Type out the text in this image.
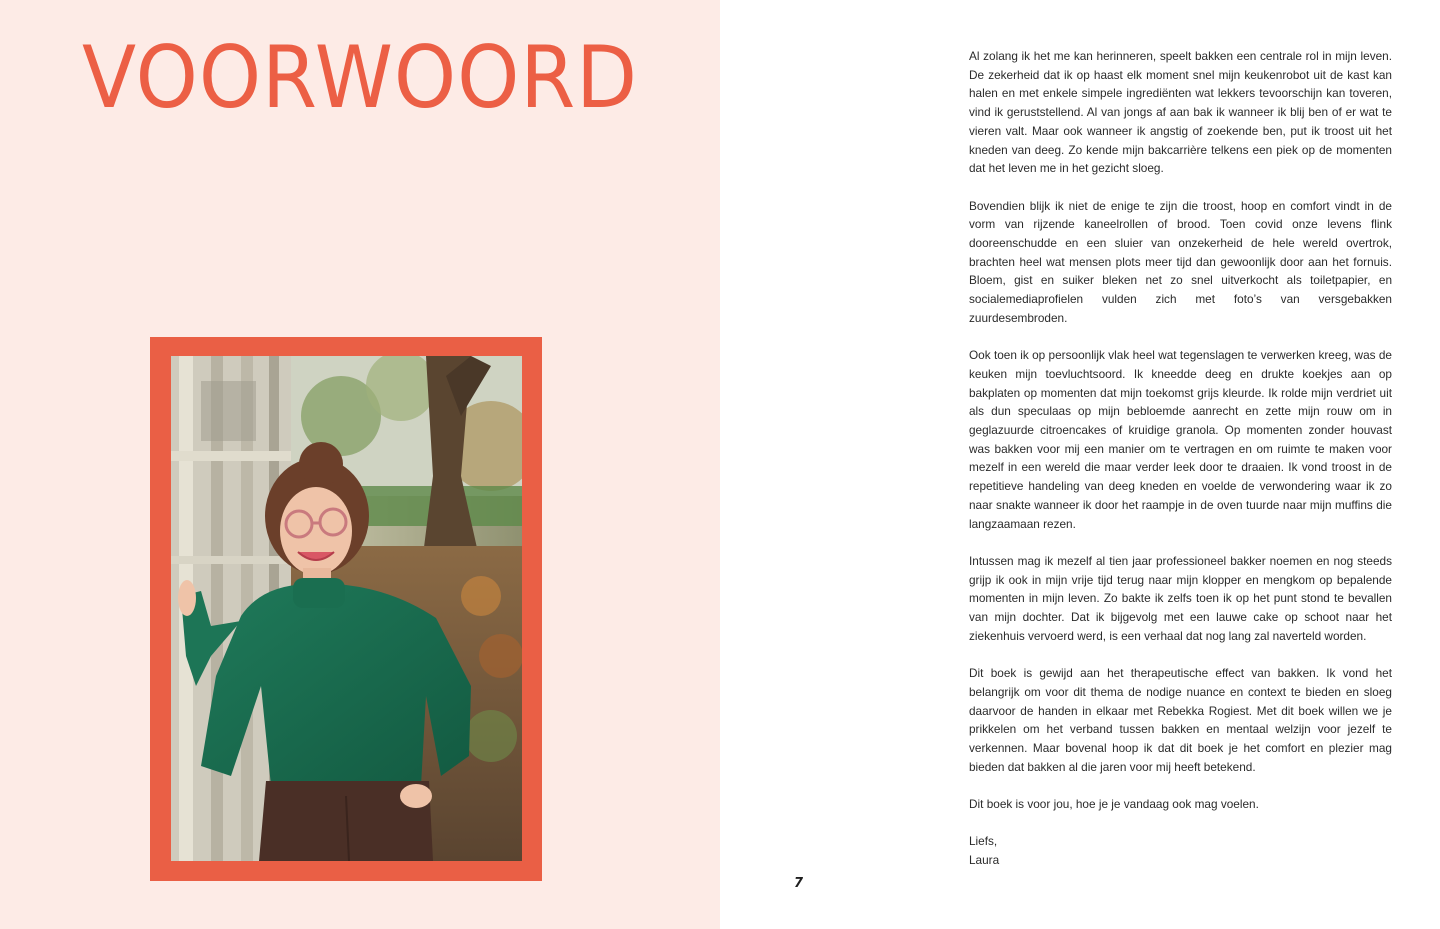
VOORWOORD
7

Al zolang ik het me kan herinneren, speelt bakken een centrale rol in mijn leven. De zekerheid dat ik op haast elk moment snel mijn keukenrobot uit de kast kan halen en met enkele simpele ingrediënten wat lekkers tevoorschijn kan toveren, vind ik geruststellend. Al van jongs af aan bak ik wanneer ik blij ben of er wat te vieren valt. Maar ook wanneer ik angstig of zoekende ben, put ik troost uit het kneden van deeg. Zo kende mijn bakcarrière telkens een piek op de momenten dat het leven me in het gezicht sloeg.

Bovendien blijk ik niet de enige te zijn die troost, hoop en comfort vindt in de vorm van rijzende kaneelrollen of brood. Toen covid onze levens flink dooreenschudde en een sluier van onzekerheid de hele wereld overtrok, brachten heel wat mensen plots meer tijd dan gewoonlijk door aan het fornuis. Bloem, gist en suiker bleken net zo snel uitverkocht als toiletpapier, en socialemediaprofielen vulden zich met foto’s van versgebakken zuurdesembroden.

Ook toen ik op persoonlijk vlak heel wat tegenslagen te verwerken kreeg, was de keuken mijn toevluchtsoord. Ik kneedde deeg en drukte koekjes aan op bakplaten op momenten dat mijn toekomst grijs kleurde. Ik rolde mijn verdriet uit als dun speculaas op mijn bebloemde aanrecht en zette mijn rouw om in geglazuurde citroencakes of kruidige granola. Op momenten zonder houvast was bakken voor mij een manier om te vertragen en om ruimte te maken voor mezelf in een wereld die maar verder leek door te draaien. Ik vond troost in de repetitieve handeling van deeg kneden en voelde de verwondering waar ik zo naar snakte wanneer ik door het raampje in de oven tuurde naar mijn muffins die langzaamaan rezen.

Intussen mag ik mezelf al tien jaar professioneel bakker noemen en nog steeds grijp ik ook in mijn vrije tijd terug naar mijn klopper en mengkom op bepalende momenten in mijn leven. Zo bakte ik zelfs toen ik op het punt stond te bevallen van mijn dochter. Dat ik bijgevolg met een lauwe cake op schoot naar het ziekenhuis vervoerd werd, is een verhaal dat nog lang zal naverteld worden.

Dit boek is gewijd aan het therapeutische effect van bakken. Ik vond het belangrijk om voor dit thema de nodige nuance en context te bieden en sloeg daarvoor de handen in elkaar met Rebekka Rogiest. Met dit boek willen we je prikkelen om het verband tussen bakken en mentaal welzijn voor jezelf te verkennen. Maar bovenal hoop ik dat dit boek je het comfort en plezier mag bieden dat bakken al die jaren voor mij heeft betekend.

Dit boek is voor jou, hoe je je vandaag ook mag voelen.

Liefs,
Laura
